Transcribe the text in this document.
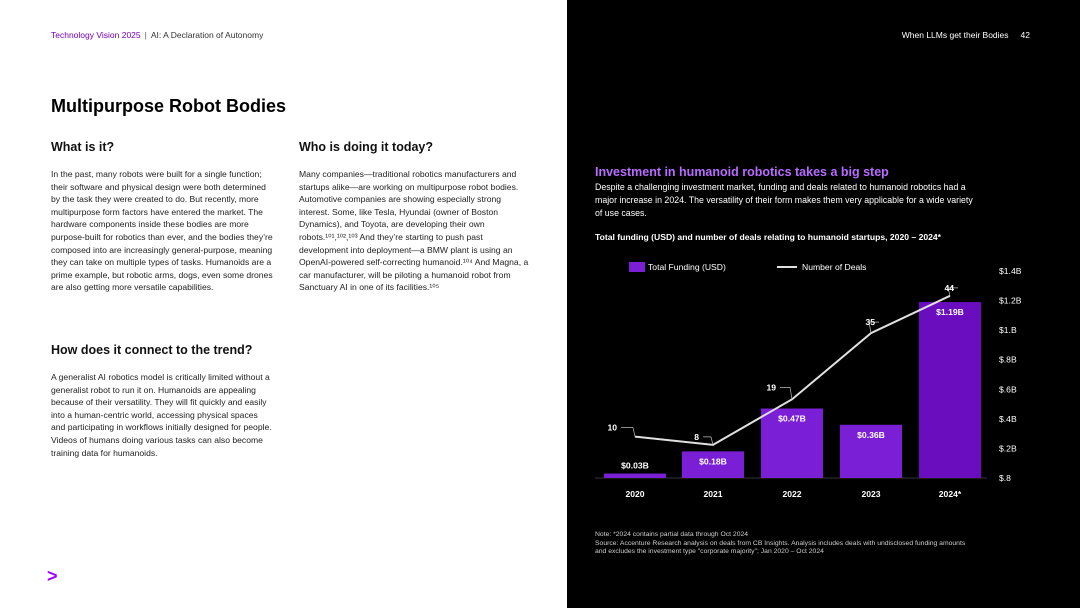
Technology Vision 2025 | AI: A Declaration of Autonomy
Multipurpose Robot Bodies
What is it?

In the past, many robots were built for a single function; their software and physical design were both determined by the task they were created to do. But recently, more multipurpose form factors have entered the market. The hardware components inside these bodies are more purpose-built for robotics than ever, and the bodies they’re composed into are increasingly general-purpose, meaning they can take on multiple types of tasks. Humanoids are a prime example, but robotic arms, dogs, even some drones are also getting more versatile capabilities.

How does it connect to the trend?

A generalist AI robotics model is critically limited without a generalist robot to run it on. Humanoids are appealing because of their versatility. They will fit quickly and easily into a human-centric world, accessing physical spaces and participating in workflows initially designed for people. Videos of humans doing various tasks can also become training data for humanoids.

Who is doing it today?

Many companies—traditional robotics manufacturers and startups alike—are working on multipurpose robot bodies. Automotive companies are showing especially strong interest. Some, like Tesla, Hyundai (owner of Boston Dynamics), and Toyota, are developing their own robots.¹⁰¹,¹⁰²,¹⁰³ And they’re starting to push past development into deployment—a BMW plant is using an OpenAI-powered self-correcting humanoid.¹⁰⁴ And Magna, a car manufacturer, will be piloting a humanoid robot from Sanctuary AI in one of its facilities.¹⁰⁵

>
When LLMs get their Bodies 42
Investment in humanoid robotics takes a big step
Despite a challenging investment market, funding and deals related to humanoid robotics had a major increase in 2024. The versatility of their form makes them very applicable for a wide variety of use cases.
Total funding (USD) and number of deals relating to humanoid startups, 2020 – 2024*
Total Funding (USD)	Number of Deals
$.8
$.2B
$.4B
$.6B
$.8B
$1.B
$1.2B
$1.4B
$0.03B	$0.18B
$0.47B
$0.36B
$1.19B
2020	2021	2022	2023	2024*
10
8
19
35
44
Note: *2024 contains partial data through Oct 2024
Source: Accenture Research analysis on deals from CB Insights. Analysis includes deals with undisclosed funding amounts and excludes the investment type "corporate majority"; Jan 2020 – Oct 2024
